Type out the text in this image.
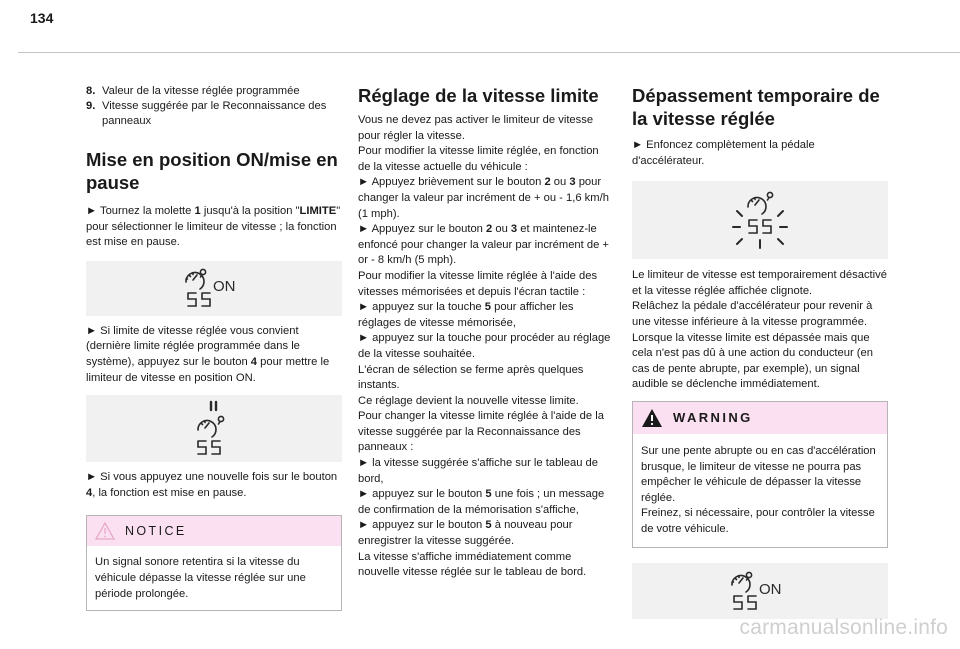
134
8. Valeur de la vitesse réglée programmée
9. Vitesse suggérée par le Reconnaissance des panneaux
Mise en position ON/mise en pause

► Tournez la molette 1 jusqu'à la position "LIMITE" pour sélectionner le limiteur de vitesse ; la fonction est mise en pause.

ON

► Si limite de vitesse réglée vous convient (dernière limite réglée programmée dans le système), appuyez sur le bouton 4 pour mettre le limiteur de vitesse en position ON.

► Si vous appuyez une nouvelle fois sur le bouton 4, la fonction est mise en pause.

NOTICE
Un signal sonore retentira si la vitesse du véhicule dépasse la vitesse réglée sur une période prolongée.
Réglage de la vitesse limite

Vous ne devez pas activer le limiteur de vitesse pour régler la vitesse.
Pour modifier la vitesse limite réglée, en fonction de la vitesse actuelle du véhicule :

► Appuyez brièvement sur le bouton 2 ou 3 pour changer la valeur par incrément de + ou - 1,6 km/h (1 mph).

► Appuyez sur le bouton 2 ou 3 et maintenez-le enfoncé pour changer la valeur par incrément de + or - 8 km/h (5 mph).
Pour modifier la vitesse limite réglée à l'aide des vitesses mémorisées et depuis l'écran tactile :

► appuyez sur la touche 5 pour afficher les réglages de vitesse mémorisée,
► appuyez sur la touche pour procéder au réglage de la vitesse souhaitée.
L'écran de sélection se ferme après quelques instants.
Ce réglage devient la nouvelle vitesse limite.
Pour changer la vitesse limite réglée à l'aide de la vitesse suggérée par la Reconnaissance des panneaux :
► la vitesse suggérée s'affiche sur le tableau de bord,

► appuyez sur le bouton 5 une fois ; un message de confirmation de la mémorisation s'affiche,

► appuyez sur le bouton 5 à nouveau pour enregistrer la vitesse suggérée.
La vitesse s'affiche immédiatement comme nouvelle vitesse réglée sur le tableau de bord.

Dépassement temporaire de la vitesse réglée

► Enfoncez complètement la pédale d'accélérateur.

Le limiteur de vitesse est temporairement désactivé et la vitesse réglée affichée clignote.
Relâchez la pédale d'accélérateur pour revenir à une vitesse inférieure à la vitesse programmée.
Lorsque la vitesse limite est dépassée mais que cela n'est pas dû à une action du conducteur (en cas de pente abrupte, par exemple), un signal audible se déclenche immédiatement.

WARNING
Sur une pente abrupte ou en cas d'accélération brusque, le limiteur de vitesse ne pourra pas empêcher le véhicule de dépasser la vitesse réglée.
Freinez, si nécessaire, pour contrôler la vitesse de votre véhicule.
ON
carmanualsonline.info
